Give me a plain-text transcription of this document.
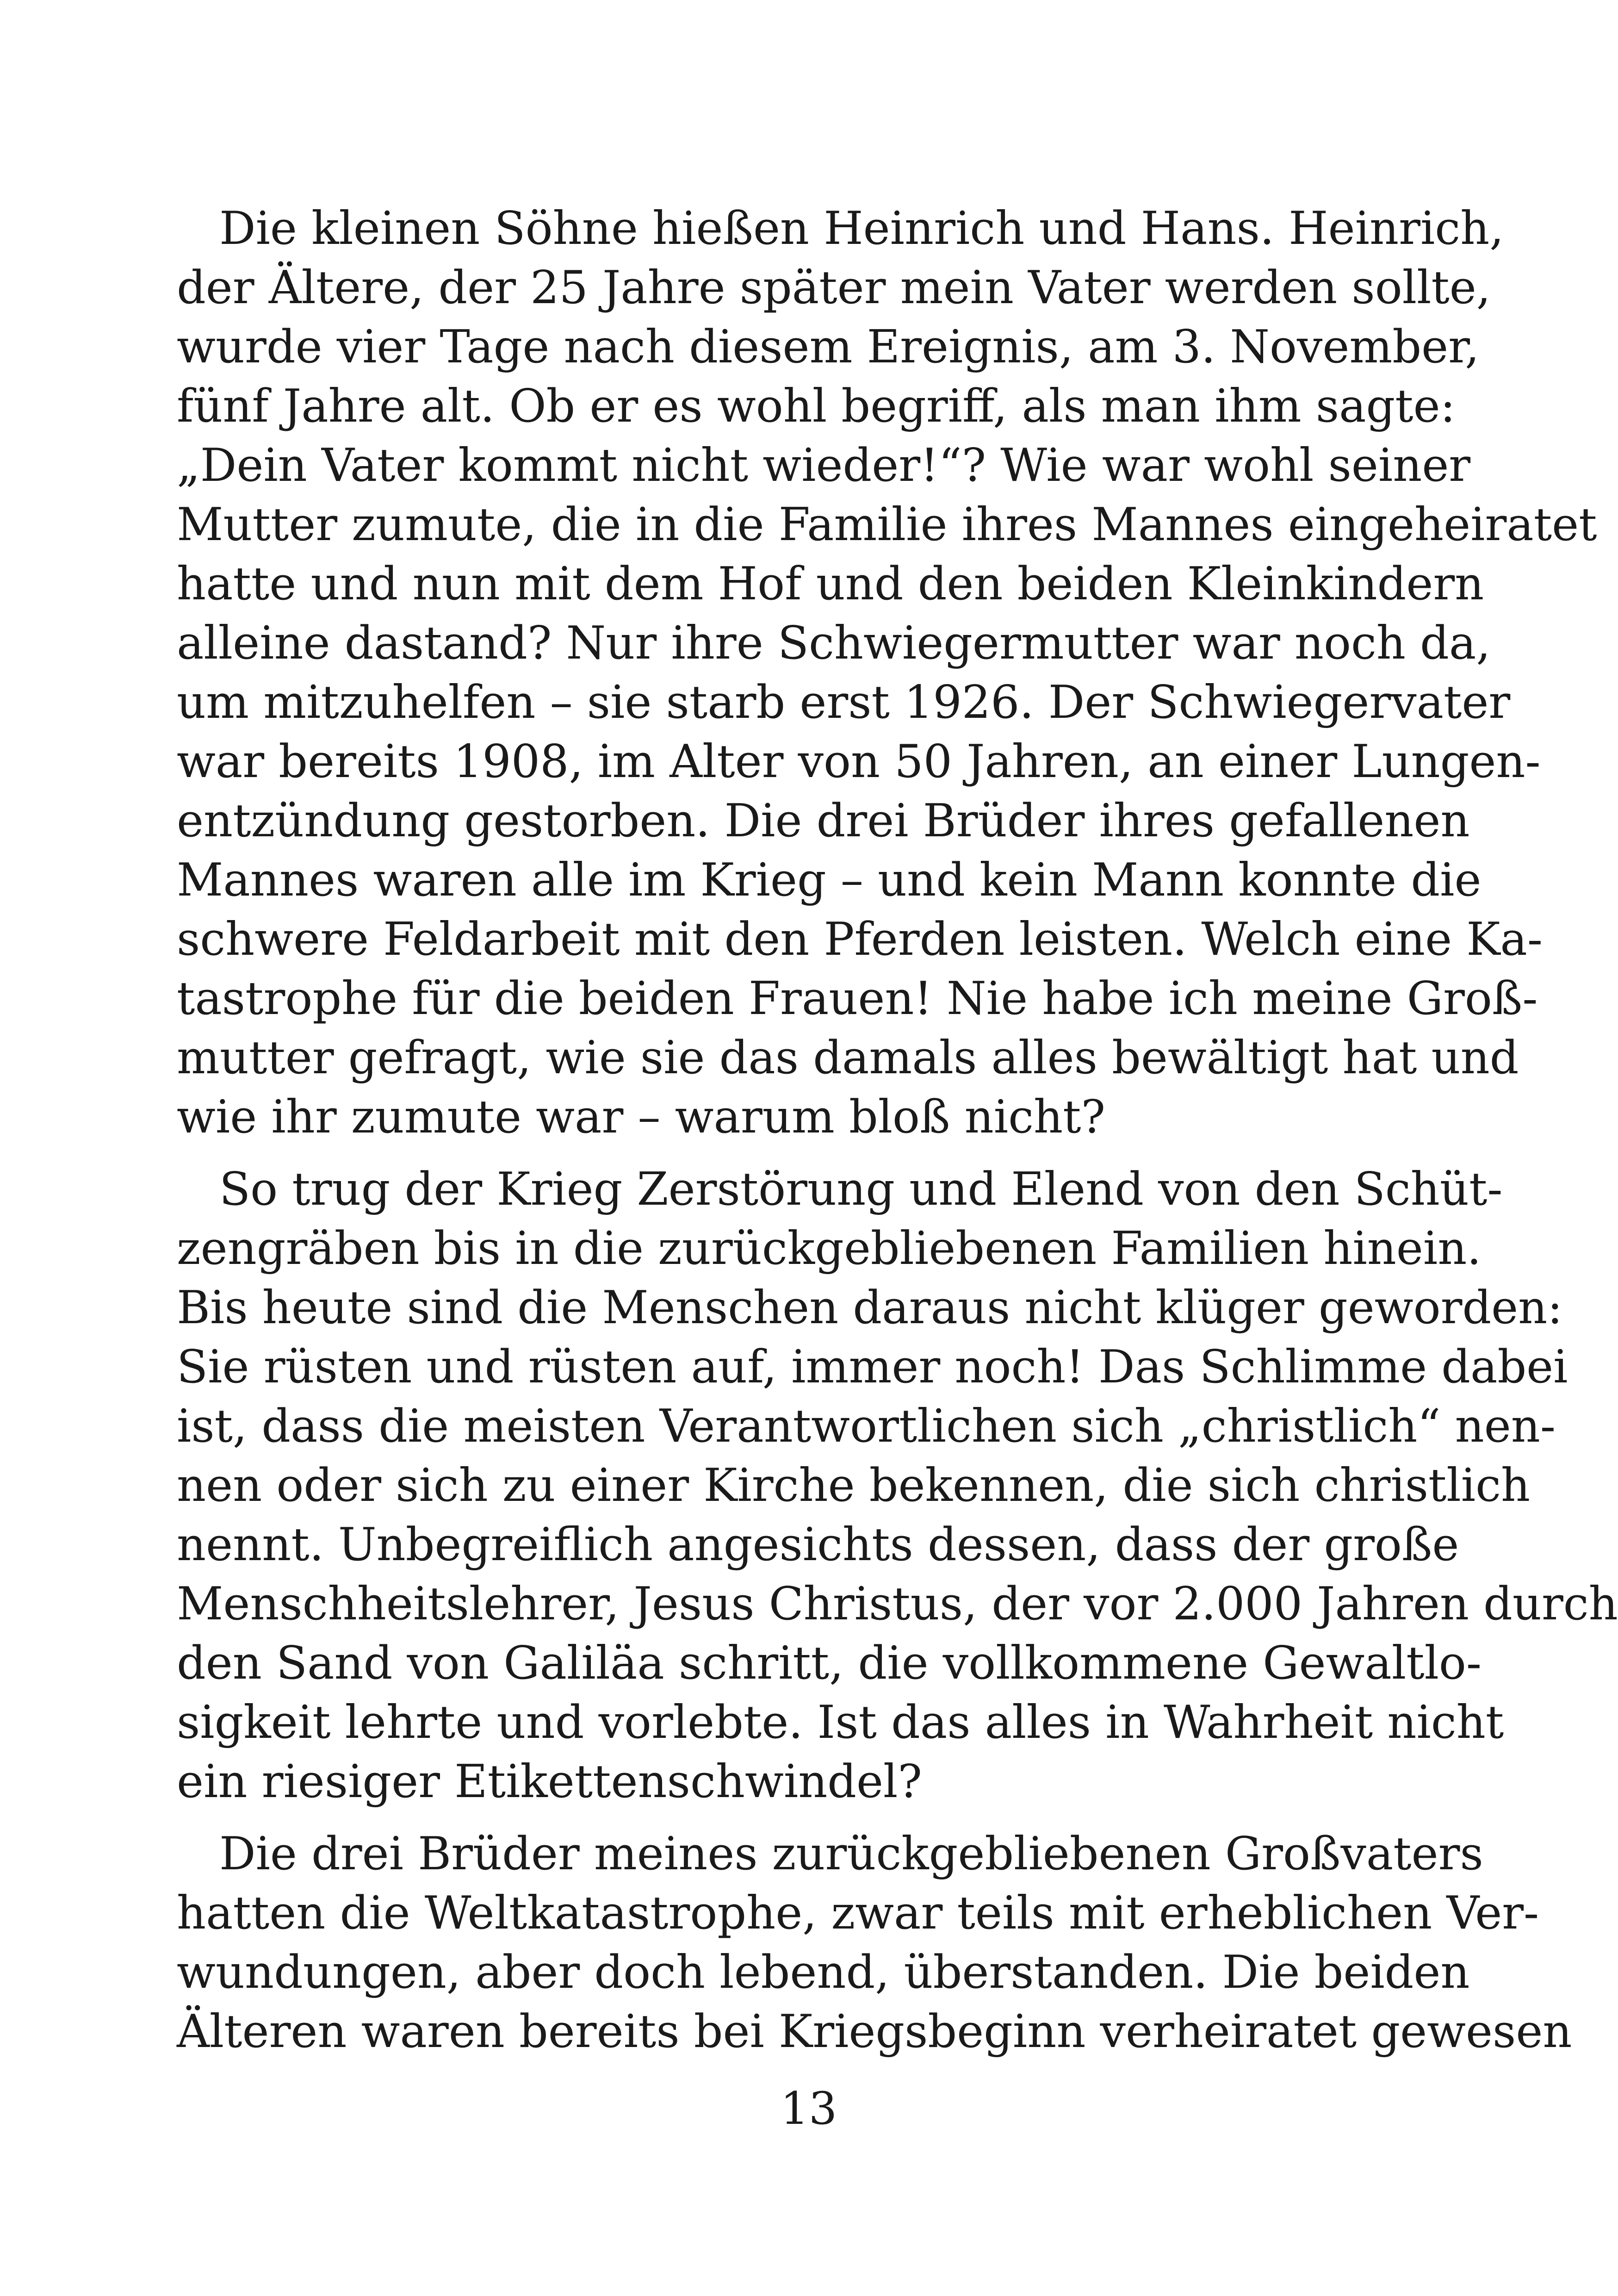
Die kleinen Söhne hießen Heinrich und Hans. Heinrich,
der Ältere, der 25 Jahre später mein Vater werden sollte,
wurde vier Tage nach diesem Ereignis, am 3. November,
fünf Jahre alt. Ob er es wohl begriff, als man ihm sagte:
„Dein Vater kommt nicht wieder!“? Wie war wohl seiner
Mutter zumute, die in die Familie ihres Mannes eingeheiratet
hatte und nun mit dem Hof und den beiden Kleinkindern
alleine dastand? Nur ihre Schwiegermutter war noch da,
um mitzuhelfen – sie starb erst 1926. Der Schwiegervater
war bereits 1908, im Alter von 50 Jahren, an einer Lungen-
entzündung gestorben. Die drei Brüder ihres gefallenen
Mannes waren alle im Krieg – und kein Mann konnte die
schwere Feldarbeit mit den Pferden leisten. Welch eine Ka-
tastrophe für die beiden Frauen! Nie habe ich meine Groß-
mutter gefragt, wie sie das damals alles bewältigt hat und
wie ihr zumute war – warum bloß nicht?
So trug der Krieg Zerstörung und Elend von den Schüt-
zengräben bis in die zurückgebliebenen Familien hinein.
Bis heute sind die Menschen daraus nicht klüger geworden:
Sie rüsten und rüsten auf, immer noch! Das Schlimme dabei
ist, dass die meisten Verantwortlichen sich „christlich“ nen-
nen oder sich zu einer Kirche bekennen, die sich christlich
nennt. Unbegreiflich angesichts dessen, dass der große
Menschheitslehrer, Jesus Christus, der vor 2.000 Jahren durch
den Sand von Galiläa schritt, die vollkommene Gewaltlo-
sigkeit lehrte und vorlebte. Ist das alles in Wahrheit nicht
ein riesiger Etikettenschwindel?
Die drei Brüder meines zurückgebliebenen Großvaters
hatten die Weltkatastrophe, zwar teils mit erheblichen Ver-
wundungen, aber doch lebend, überstanden. Die beiden
Älteren waren bereits bei Kriegsbeginn verheiratet gewesen
13
